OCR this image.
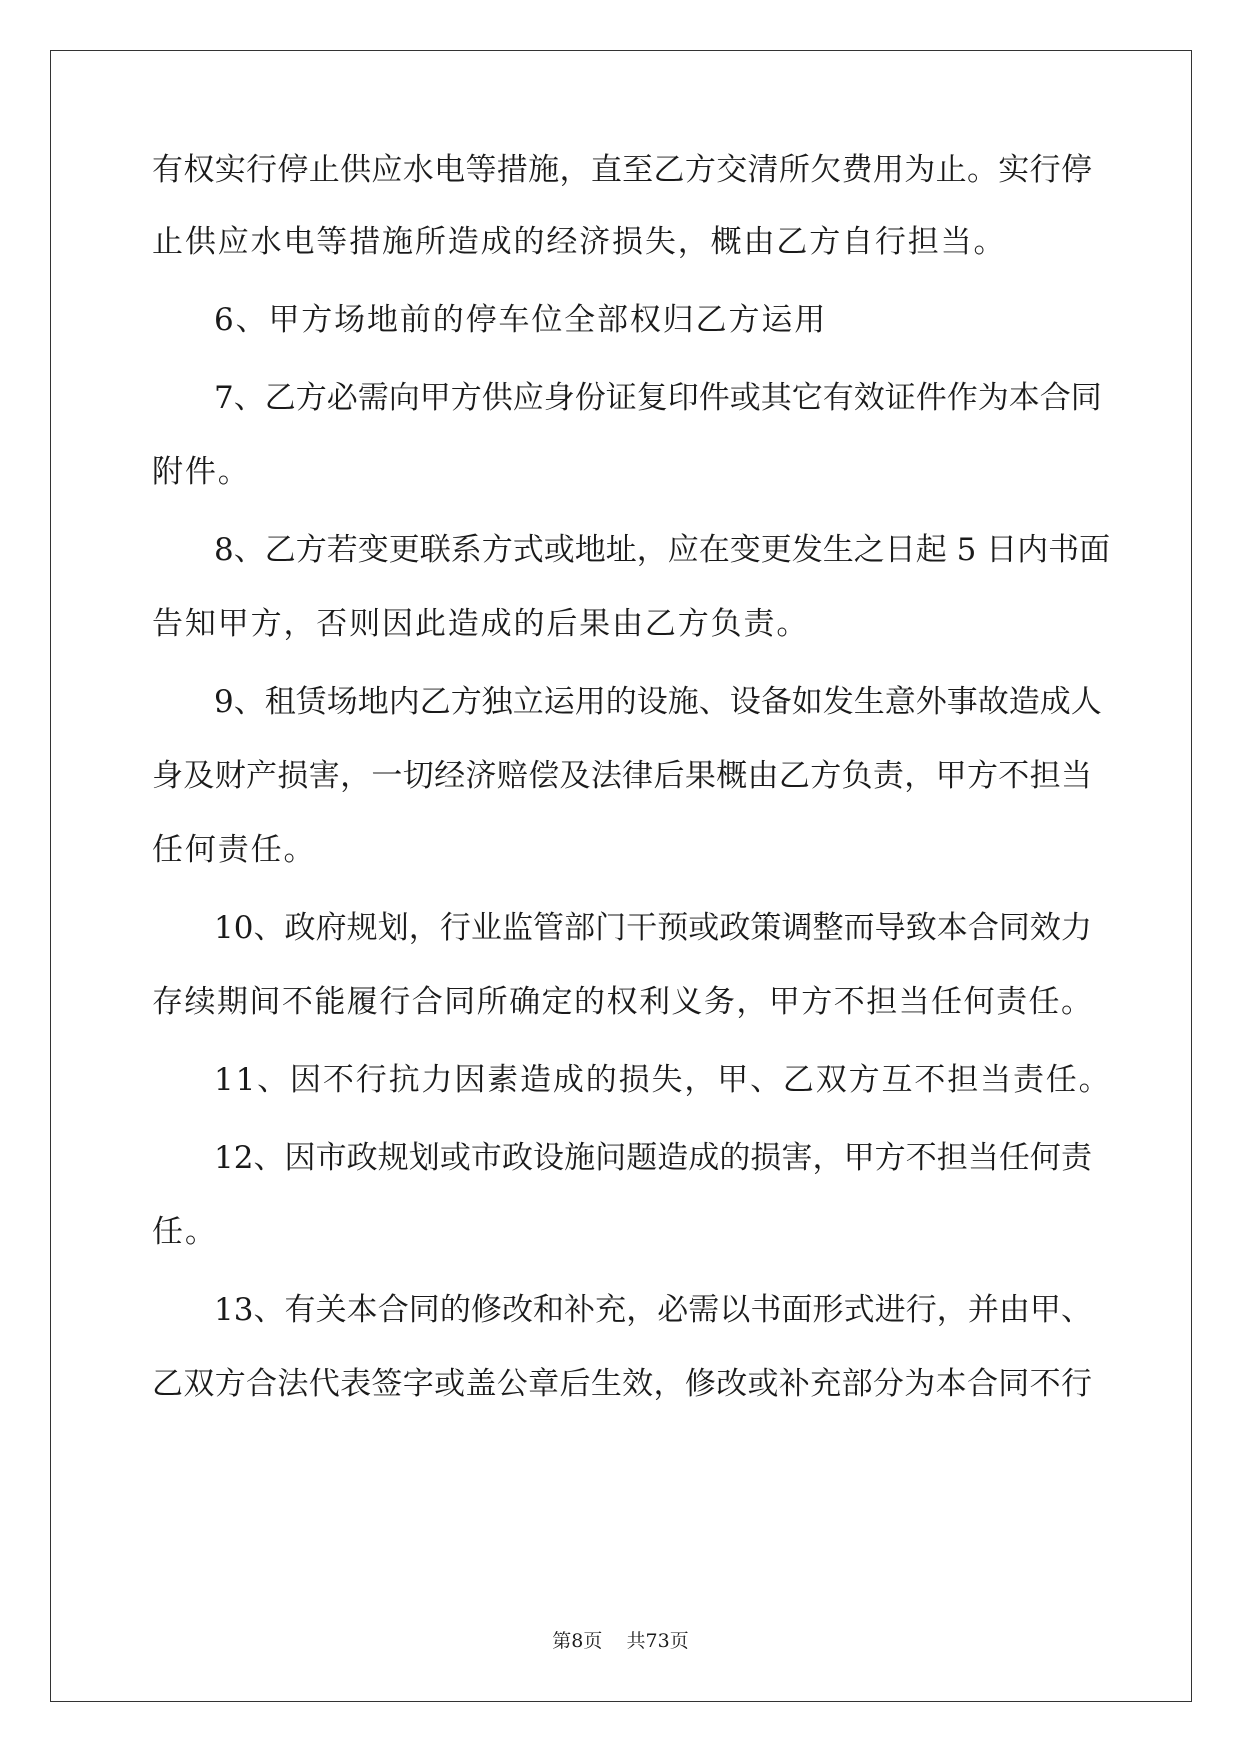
有权实行停止供应水电等措施，直至乙方交清所欠费用为止。实行停
止供应水电等措施所造成的经济损失，概由乙方自行担当。
6、甲方场地前的停车位全部权归乙方运用
7、乙方必需向甲方供应身份证复印件或其它有效证件作为本合同
附件。
8、乙方若变更联系方式或地址，应在变更发生之日起 5 日内书面
告知甲方，否则因此造成的后果由乙方负责。
9、租赁场地内乙方独立运用的设施、设备如发生意外事故造成人
身及财产损害，一切经济赔偿及法律后果概由乙方负责，甲方不担当
任何责任。
10、政府规划，行业监管部门干预或政策调整而导致本合同效力
存续期间不能履行合同所确定的权利义务，甲方不担当任何责任。
11、因不行抗力因素造成的损失，甲、乙双方互不担当责任。
12、因市政规划或市政设施问题造成的损害，甲方不担当任何责
任。
13、有关本合同的修改和补充，必需以书面形式进行，并由甲、
乙双方合法代表签字或盖公章后生效，修改或补充部分为本合同不行
第8页 共73页
